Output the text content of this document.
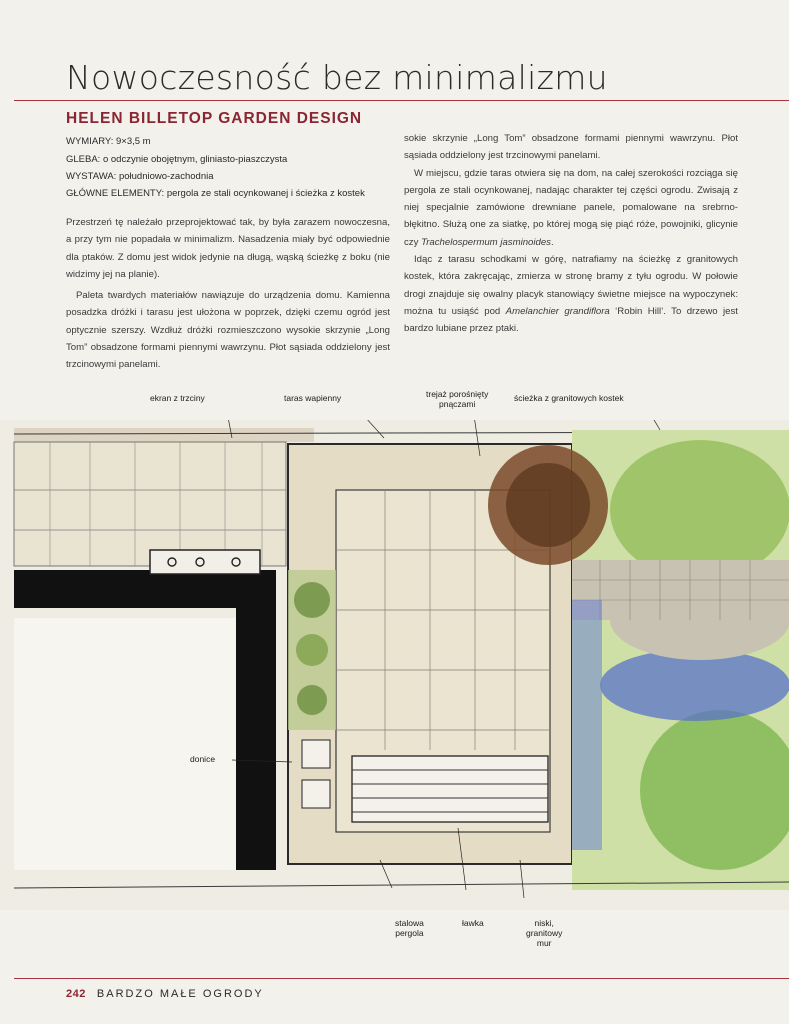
Nowoczesność bez minimalizmu
HELEN BILLETOP GARDEN DESIGN
WYMIARY: 9×3,5 m
GLEBA: o odczynie obojętnym, gliniasto-piaszczysta
WYSTAWA: południowo-zachodnia
GŁÓWNE ELEMENTY: pergola ze stali ocynkowanej i ścieżka z kostek

Przestrzeń tę należało przeprojektować tak, by była zarazem nowoczesna, a przy tym nie popadała w minimalizm. Nasadzenia miały być odpowiednie dla ptaków. Z domu jest widok jedynie na długą, wąską ścieżkę z boku (nie widzimy jej na planie).

Paleta twardych materiałów nawiązuje do urządzenia domu. Kamienna posadzka dróżki i tarasu jest ułożona w poprzek, dzięki czemu ogród jest optycznie szerszy. Wzdłuż dróżki rozmieszczono wysokie skrzynie „Long Tom” obsadzone formami piennymi wawrzynu. Płot sąsiada oddzielony jest trzcinowymi panelami.

sokie skrzynie „Long Tom” obsadzone formami piennymi wawrzynu. Płot sąsiada oddzielony jest trzcinowymi panelami.

W miejscu, gdzie taras otwiera się na dom, na całej szerokości rozciąga się pergola ze stali ocynkowanej, nadając charakter tej części ogrodu. Zwisają z niej specjalnie zamówione drewniane panele, pomalowane na srebrno-błękitno. Służą one za siatkę, po której mogą się piąć róże, powojniki, glicynie czy Trachelospermum jasminoides.

Idąc z tarasu schodkami w górę, natrafiamy na ścieżkę z granitowych kostek, która zakręcając, zmierza w stronę bramy z tyłu ogrodu. W połowie drogi znajduje się owalny placyk stanowiący świetne miejsce na wypoczynek: można tu usiąść pod Amelanchier grandiflora ‘Robin Hill’. To drzewo jest bardzo lubiane przez ptaki.

ekran z trzciny	taras wapienny	trejaż porośnięty
pnączami
ścieżka z granitowych kostek
donice
stalowa
pergola
ławka	niski,
granitowy
mur
242 BARDZO MAŁE OGRODY
